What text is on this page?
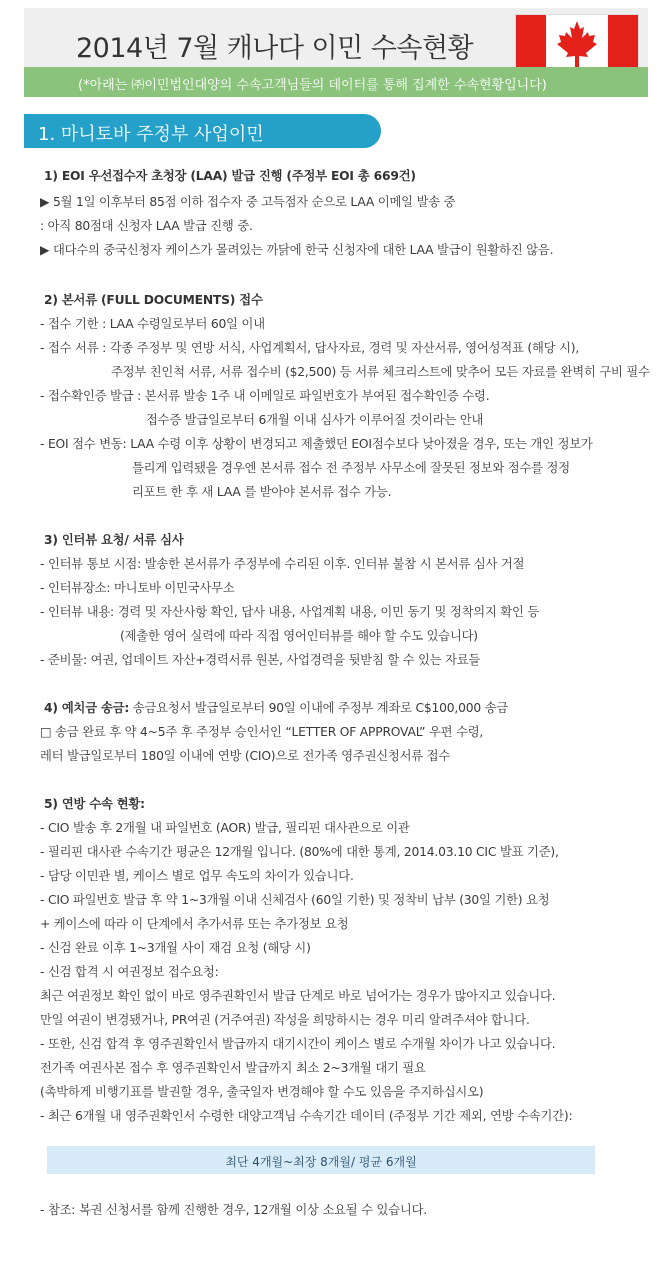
2014년 7월 캐나다 이민 수속현황
(*아래는 ㈜이민법인대양의 수속고객님들의 데이터를 통해 집계한 수속현황입니다)
1. 마니토바 주정부 사업이민
1) EOI 우선접수자 초청장 (LAA) 발급 진행 (주정부 EOI 총 669건)
▶ 5월 1일 이후부터 85점 이하 접수자 중 고득점자 순으로 LAA 이메일 발송 중
: 아직 80점대 신청자 LAA 발급 진행 중.
▶ 대다수의 중국신청자 케이스가 몰려있는 까닭에 한국 신청자에 대한 LAA 발급이 원활하진 않음.
2) 본서류 (FULL DOCUMENTS) 접수
- 접수 기한 : LAA 수령일로부터 60일 이내
- 접수 서류 : 각종 주정부 및 연방 서식, 사업계획서, 답사자료, 경력 및 자산서류, 영어성적표 (해당 시),
주정부 친인척 서류, 서류 접수비 ($2,500) 등 서류 체크리스트에 맞추어 모든 자료를 완벽히 구비 필수
- 접수확인증 발급 : 본서류 발송 1주 내 이메일로 파일번호가 부여된 접수확인증 수령.
접수증 발급일로부터 6개월 이내 심사가 이루어질 것이라는 안내
- EOI 점수 변동: LAA 수령 이후 상황이 변경되고 제출했던 EOI점수보다 낮아졌을 경우, 또는 개인 정보가
틀리게 입력됐을 경우엔 본서류 접수 전 주정부 사무소에 잘못된 정보와 점수를 정정
리포트 한 후 새 LAA 를 받아야 본서류 접수 가능.
3) 인터뷰 요청/ 서류 심사
- 인터뷰 통보 시점: 발송한 본서류가 주정부에 수리된 이후. 인터뷰 불참 시 본서류 심사 거절
- 인터뷰장소: 마니토바 이민국사무소
- 인터뷰 내용: 경력 및 자산사항 확인, 답사 내용, 사업계획 내용, 이민 동기 및 정착의지 확인 등
(제출한 영어 실력에 따라 직접 영어인터뷰를 해야 할 수도 있습니다)
- 준비물: 여권, 업데이트 자산+경력서류 원본, 사업경력을 뒷받침 할 수 있는 자료들
4) 예치금 송금: 송금요청서 발급일로부터 90일 이내에 주정부 계좌로 C$100,000 송금
□ 송금 완료 후 약 4~5주 후 주정부 승인서인 “LETTER OF APPROVAL” 우편 수령,
레터 발급일로부터 180일 이내에 연방 (CIO)으로 전가족 영주권신청서류 접수
5) 연방 수속 현황:
- CIO 발송 후 2개월 내 파일번호 (AOR) 발급, 필리핀 대사관으로 이관
- 필리핀 대사관 수속기간 평균은 12개월 입니다. (80%에 대한 통계, 2014.03.10 CIC 발표 기준),
- 담당 이민관 별, 케이스 별로 업무 속도의 차이가 있습니다.
- CIO 파일번호 발급 후 약 1~3개월 이내 신체검사 (60일 기한) 및 정착비 납부 (30일 기한) 요청
+ 케이스에 따라 이 단계에서 추가서류 또는 추가정보 요청
- 신검 완료 이후 1~3개월 사이 재검 요청 (해당 시)
- 신검 합격 시 여권정보 접수요청:
최근 여권정보 확인 없이 바로 영주권확인서 발급 단계로 바로 넘어가는 경우가 많아지고 있습니다.
만일 여권이 변경됐거나, PR여권 (거주여권) 작성을 희망하시는 경우 미리 알려주셔야 합니다.
- 또한, 신검 합격 후 영주권확인서 발급까지 대기시간이 케이스 별로 수개월 차이가 나고 있습니다.
전가족 여권사본 접수 후 영주권확인서 발급까지 최소 2~3개월 대기 필요
(촉박하게 비행기표를 발권할 경우, 출국일자 변경해야 할 수도 있음을 주지하십시오)
- 최근 6개월 내 영주권확인서 수령한 대양고객님 수속기간 데이터 (주정부 기간 제외, 연방 수속기간):
최단 4개월~최장 8개월/ 평균 6개월
- 참조: 복권 신청서를 함께 진행한 경우, 12개월 이상 소요될 수 있습니다.
